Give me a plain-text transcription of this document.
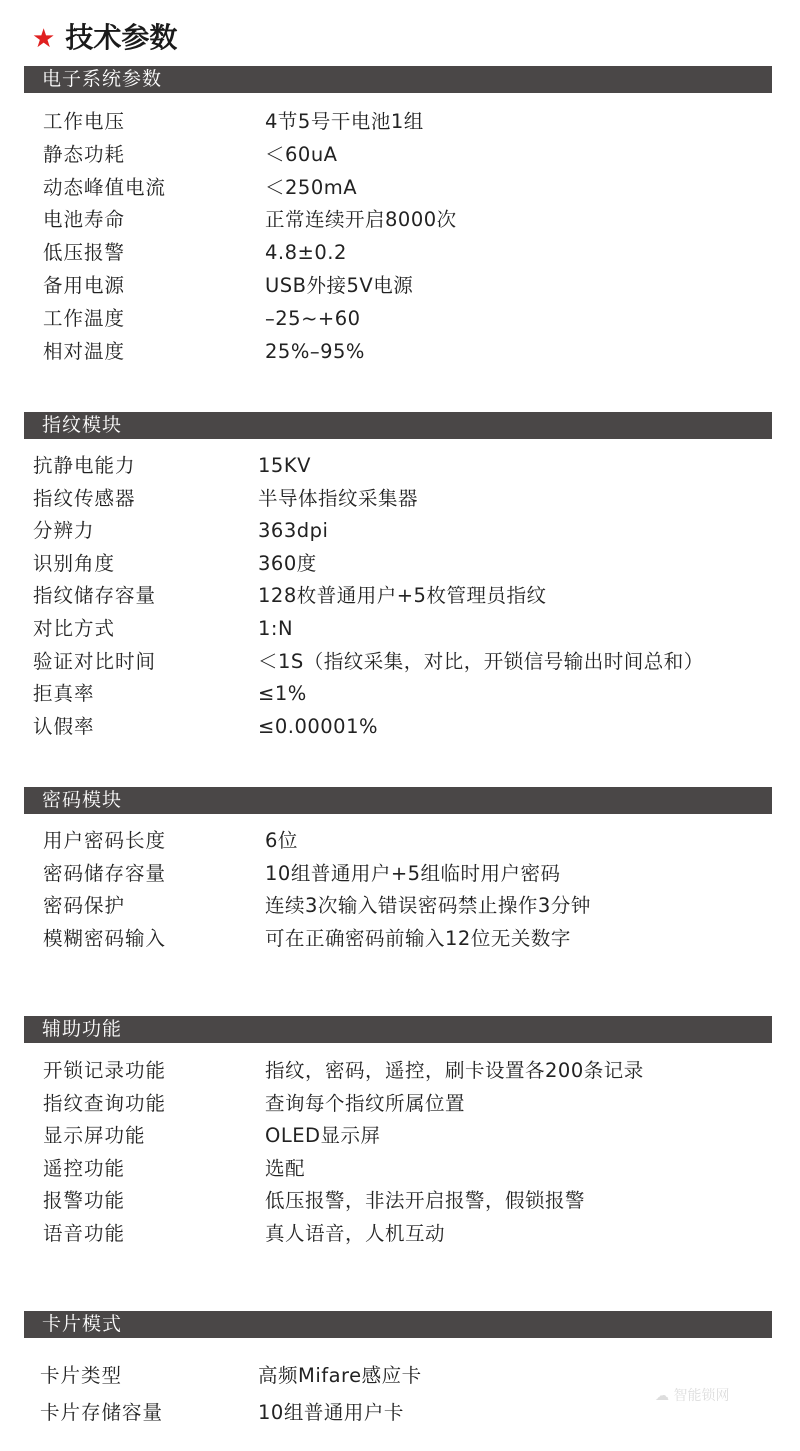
★ 技术参数
☁ 智能锁网
电子系统参数
工作电压	4节5号干电池1组
静态功耗	＜60uA
动态峰值电流	＜250mA
电池寿命	正常连续开启8000次
低压报警	4.8±0.2
备用电源	USB外接5V电源
工作温度	–25~+60
相对温度	25%–95%
指纹模块
抗静电能力	15KV
指纹传感器	半导体指纹采集器
分辨力	363dpi
识别角度	360度
指纹储存容量	128枚普通用户+5枚管理员指纹
对比方式	1:N
验证对比时间	＜1S（指纹采集，对比，开锁信号输出时间总和）
拒真率	≤1%
认假率	≤0.00001%
密码模块
用户密码长度	6位
密码储存容量	10组普通用户+5组临时用户密码
密码保护	连续3次输入错误密码禁止操作3分钟
模糊密码输入	可在正确密码前输入12位无关数字
辅助功能
开锁记录功能	指纹，密码，遥控，刷卡设置各200条记录
指纹查询功能	查询每个指纹所属位置
显示屏功能	OLED显示屏
遥控功能	选配
报警功能	低压报警，非法开启报警，假锁报警
语音功能	真人语音，人机互动
卡片模式
卡片类型	高频Mifare感应卡
卡片存储容量	10组普通用户卡
